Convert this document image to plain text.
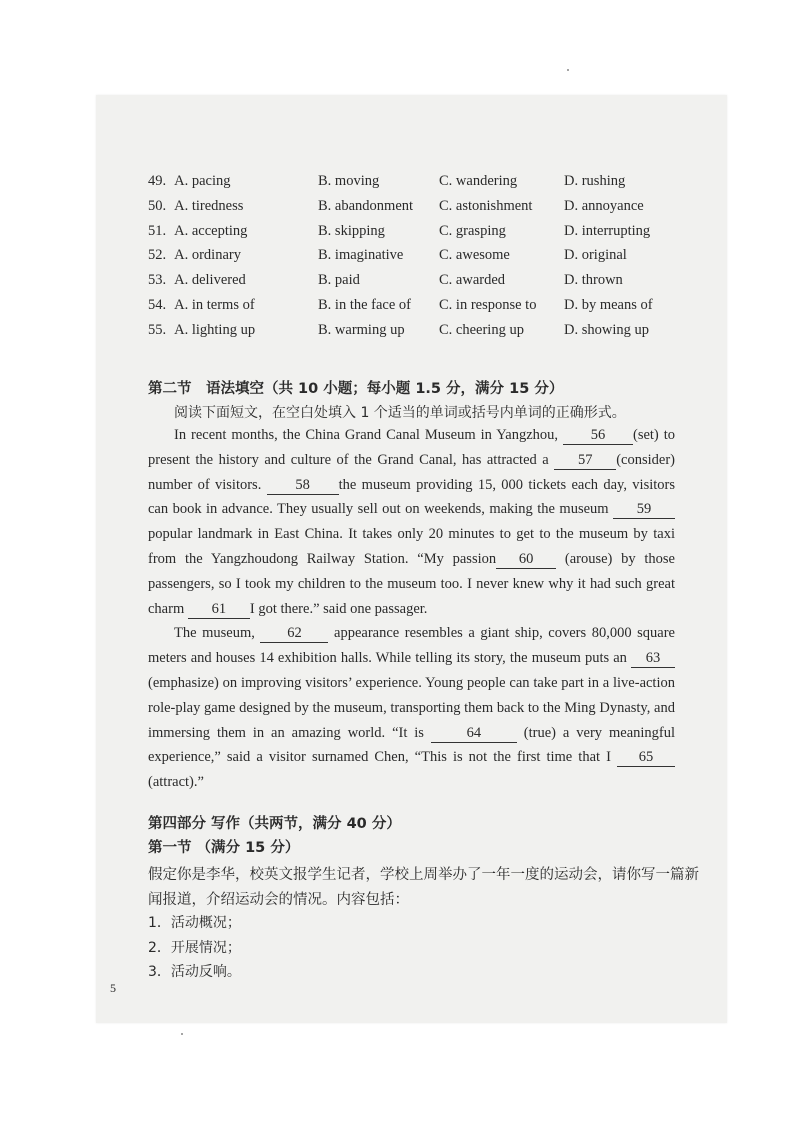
49. A. pacing	B. moving	C. wandering	D. rushing
50. A. tiredness	B. abandonment C. astonishment D. annoyance
51. A. accepting	B. skipping	C. grasping	D. interrupting
52. A. ordinary	B. imaginative C. awesome	D. original
53. A. delivered	B. paid	C. awarded	D. thrown
54. A. in terms of	B. in the face of C. in response to D. by means of
55. A. lighting up	B. warming up C. cheering up	D. showing up
第二节　语法填空（共 10 小题；每小题 1.5 分，满分 15 分）
阅读下面短文，在空白处填入 1 个适当的单词或括号内单词的正确形式。

In recent months, the China Grand Canal Museum in Yangzhou, 56 (set) to present the history and culture of the Grand Canal, has attracted a 57 (consider) number of visitors. 58 the museum providing 15, 000 tickets each day, visitors can book in advance. They usually sell out on weekends, making the museum 59 popular landmark in East China. It takes only 20 minutes to get to the museum by taxi from the Yangzhoudong Railway Station. “My passion 60 (arouse) by those passengers, so I took my children to the museum too. I never knew why it had such great charm 61 I got there.” said one passager.

The museum, 62 appearance resembles a giant ship, covers 80,000 square meters and houses 14 exhibition halls. While telling its story, the museum puts an 63 (emphasize) on improving visitors’ experience. Young people can take part in a live-action role-play game designed by the museum, transporting them back to the Ming Dynasty, and immersing them in an amazing world. “It is 64 (true) a very meaningful experience,” said a visitor surnamed Chen, “This is not the first time that I 65 (attract).”

第四部分 写作（共两节，满分 40 分）
第一节 （满分 15 分）
假定你是李华，校英文报学生记者，学校上周举办了一年一度的运动会，请你写一篇新
闻报道，介绍运动会的情况。内容包括：
1．活动概况；
2．开展情况；
3．活动反响。
5
